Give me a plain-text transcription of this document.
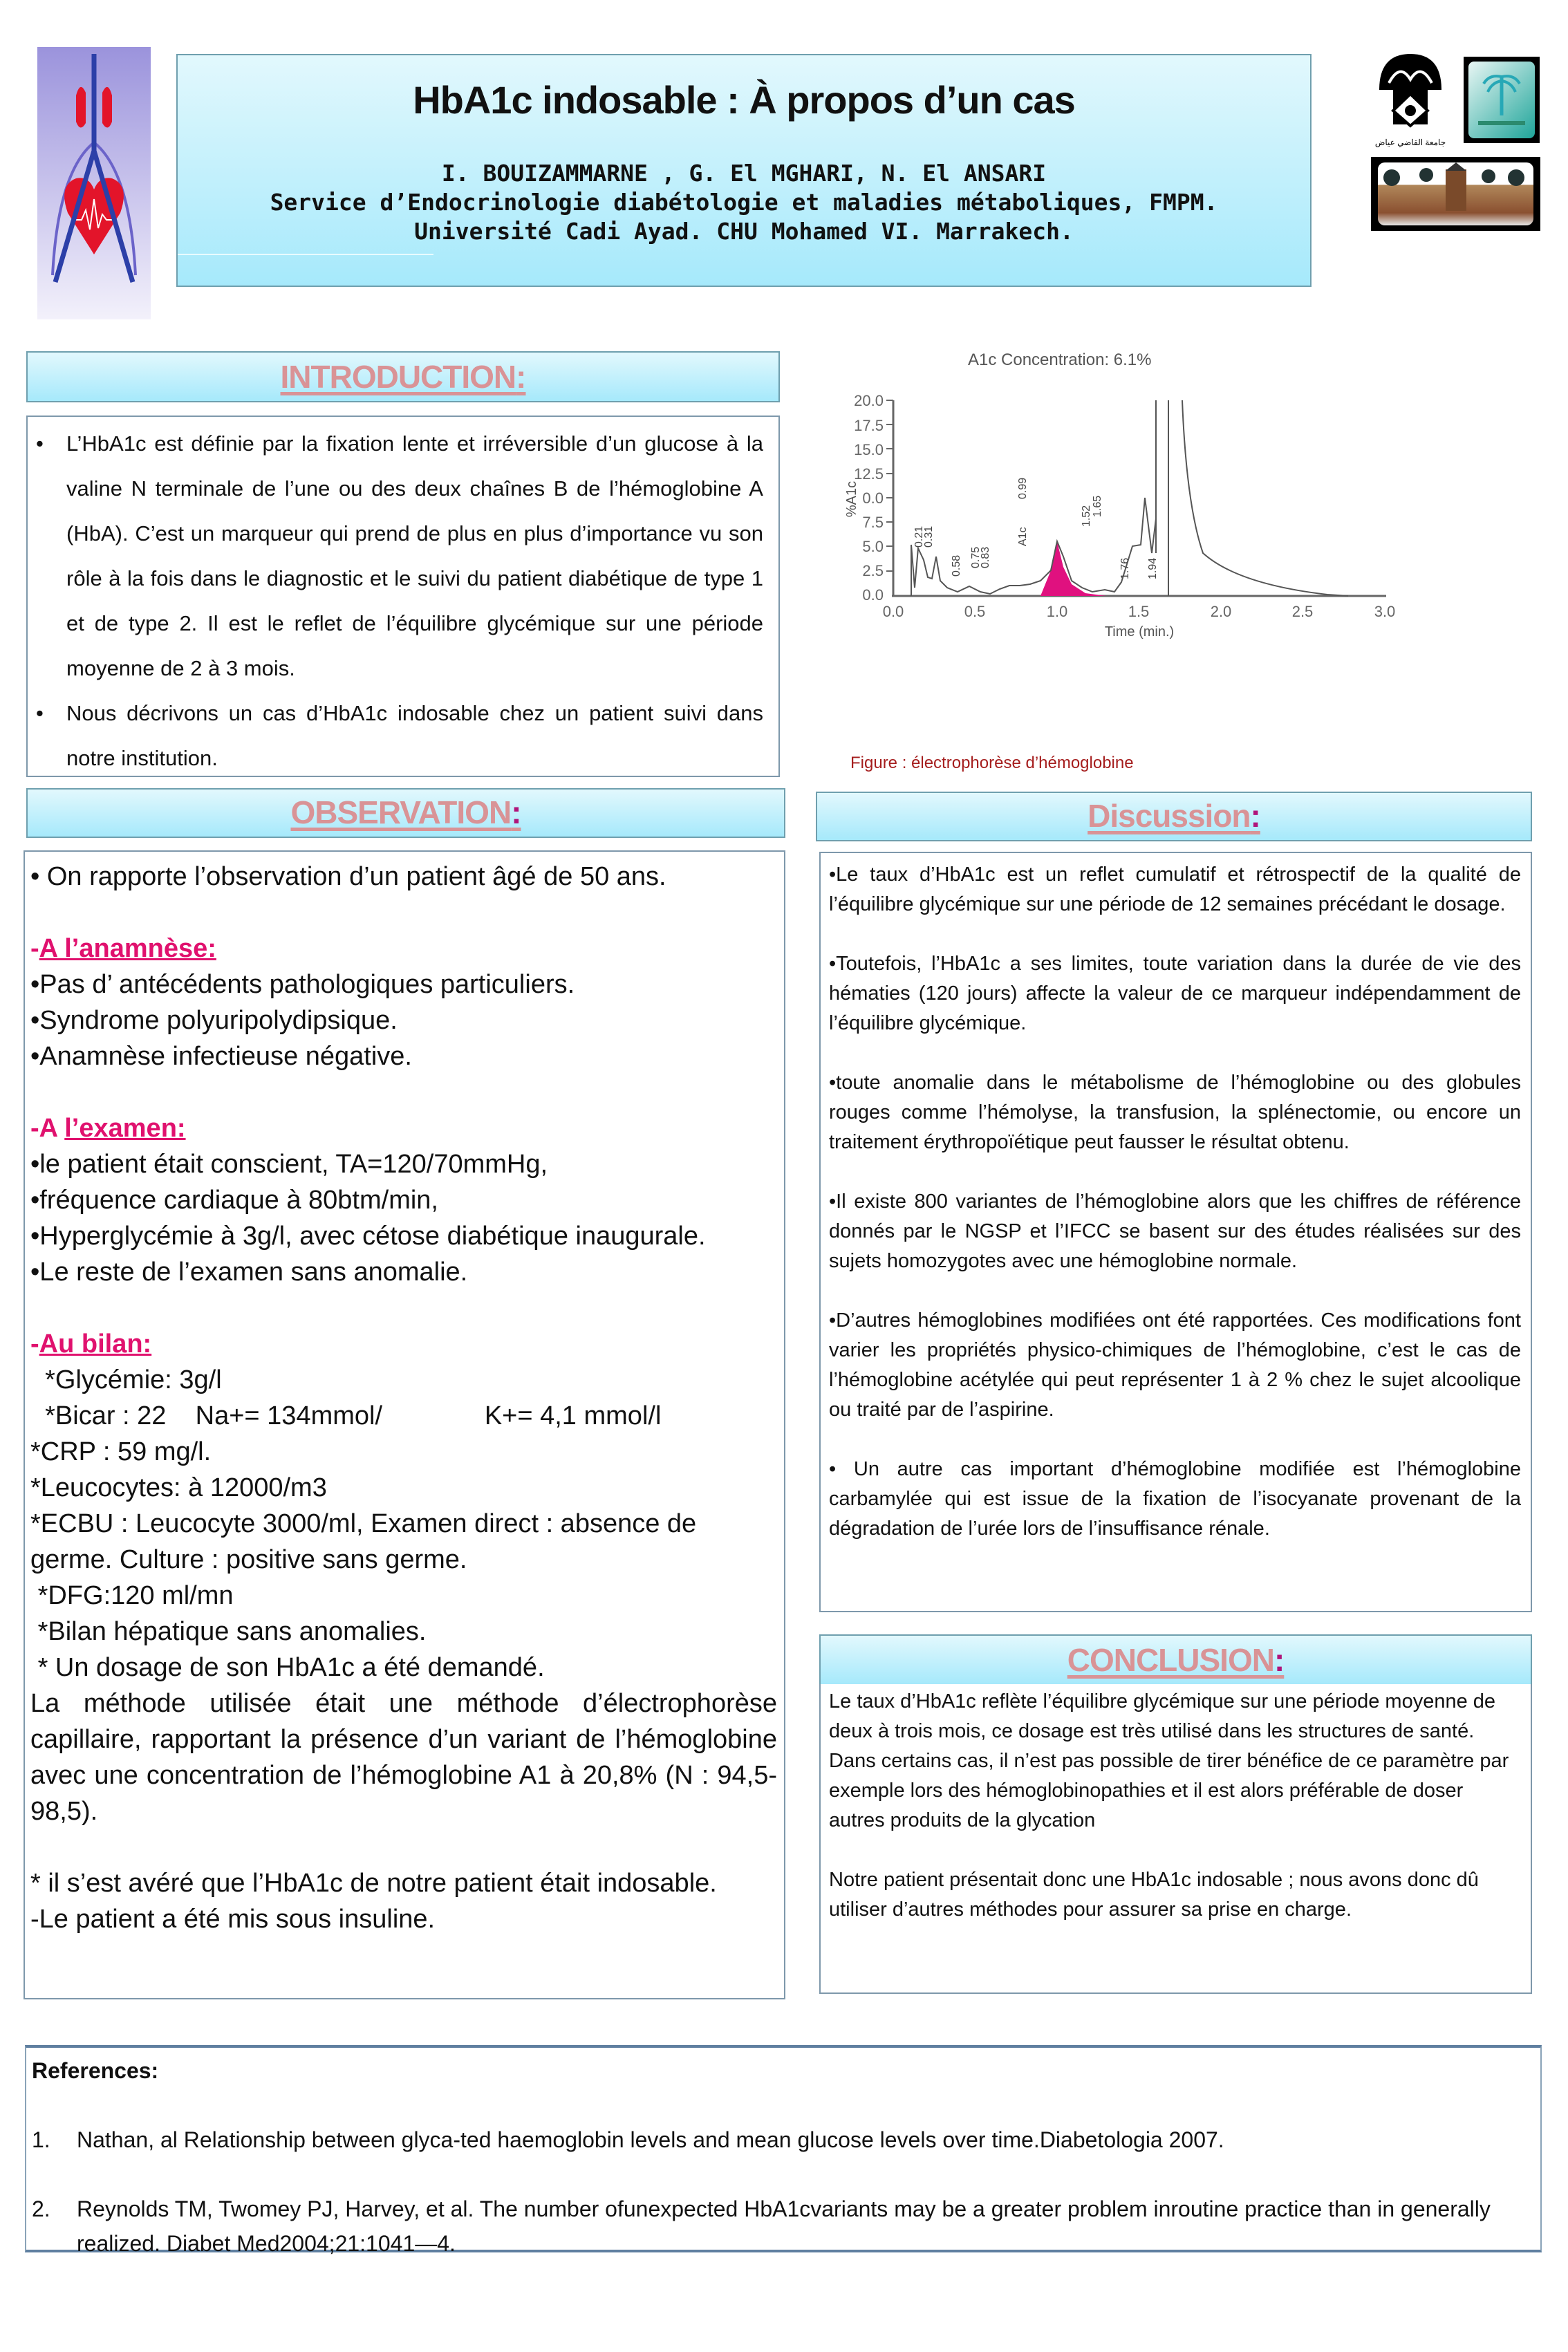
HbA1c indosable : À propos d’un cas
I. BOUIZAMMARNE , G. El MGHARI, N. El ANSARI
Service d’Endocrinologie diabétologie et maladies métaboliques, FMPM.
Université Cadi Ayad. CHU Mohamed VI. Marrakech.
جامعة القاضي عياض
INTRODUCTION:
• L’HbA1c est définie par la fixation lente et irréversible d’un glucose à la valine N terminale de l’une ou des deux chaînes B de l’hémoglobine A (HbA). C’est un marqueur qui prend de plus en plus d’importance vu son rôle à la fois dans le diagnostic et le suivi du patient diabétique de type 1 et de type 2. Il est le reflet de l’équilibre glycémique sur une période moyenne de 2 à 3 mois.
• Nous décrivons un cas d’HbA1c indosable chez un patient suivi dans notre institution.
A1c Concentration: 6.1%
20.0
17.5
15.0
12.5
0.0
7.5
5.0
2.5
0.0
%A1c
0.0	0.5	1.0	1.5	2.0	2.5	3.0
Time (min.)
0.21
0.31
0.58 0.75
0.83
A1c
0.99
1.52 1.65
1.76 1.94
Figure : électrophorèse d’hémoglobine
OBSERVATION:

• On rapporte l’observation d’un patient âgé de 50 ans.

-A l’anamnèse:

•Pas d’ antécédents pathologiques particuliers.

•Syndrome polyuripolydipsique.

•Anamnèse infectieuse négative.

-A l’examen:

•le patient était conscient, TA=120/70mmHg,

•fréquence cardiaque à 80btm/min,

•Hyperglycémie à 3g/l, avec cétose diabétique inaugurale.

•Le reste de l’examen sans anomalie.

-Au bilan:

*Glycémie: 3g/l

*Bicar : 22    Na+= 134mmol/              K+= 4,1 mmol/l

*CRP : 59 mg/l.

*Leucocytes: à 12000/m3

*ECBU : Leucocyte 3000/ml, Examen direct : absence de germe. Culture : positive sans germe.

*DFG:120 ml/mn

*Bilan hépatique sans anomalies.

* Un dosage de son HbA1c a été demandé.

La méthode utilisée était une méthode d’électrophorèse capillaire, rapportant la présence d’un variant de l’hémoglobine avec une concentration de l’hémoglobine A1 à 20,8% (N : 94,5-98,5).

* il s’est avéré que l’HbA1c de notre patient était indosable.

-Le patient a été mis sous insuline.

Discussion:

•Le taux d’HbA1c est un reflet cumulatif et rétrospectif de la qualité de l’équilibre glycémique sur une période de 12 semaines précédant le dosage.

•Toutefois, l’HbA1c a ses limites, toute variation dans la durée de vie des hématies (120 jours) affecte la valeur de ce marqueur indépendamment de l’équilibre glycémique.

•toute anomalie dans le métabolisme de l’hémoglobine ou des globules rouges comme l’hémolyse, la transfusion, la splénectomie, ou encore un traitement érythropoïétique peut fausser le résultat obtenu.

•Il existe 800 variantes de l’hémoglobine alors que les chiffres de référence donnés par le NGSP et l’IFCC se basent sur des études réalisées sur des sujets homozygotes avec une hémoglobine normale.

•D’autres hémoglobines modifiées ont été rapportées. Ces modifications font varier les propriétés physico-chimiques de l’hémoglobine, c’est le cas de l’hémoglobine acétylée qui peut représenter 1 à 2 % chez le sujet alcoolique ou traité par de l’aspirine.

• Un autre cas important d’hémoglobine modifiée est l’hémoglobine carbamylée qui est issue de la fixation de l’isocyanate provenant de la dégradation de l’urée lors de l’insuffisance rénale.

CONCLUSION:

Le taux d’HbA1c reflète l’équilibre glycémique sur une période moyenne de deux à trois mois, ce dosage est très utilisé dans les structures de santé.

Dans certains cas, il n’est pas possible de tirer bénéfice de ce paramètre par exemple lors des hémoglobinopathies et il est alors préférable de doser autres produits de la glycation

Notre patient présentait donc une HbA1c indosable ; nous avons donc dû utiliser d’autres méthodes pour assurer sa prise en charge.

References:

1. Nathan, al Relationship between glyca-ted haemoglobin levels and mean glucose levels over time.Diabetologia 2007.
2. Reynolds TM, Twomey PJ, Harvey, et al. The number ofunexpected HbA1cvariants may be a greater problem inroutine practice than in generally realized. Diabet Med2004;21:1041—4.
